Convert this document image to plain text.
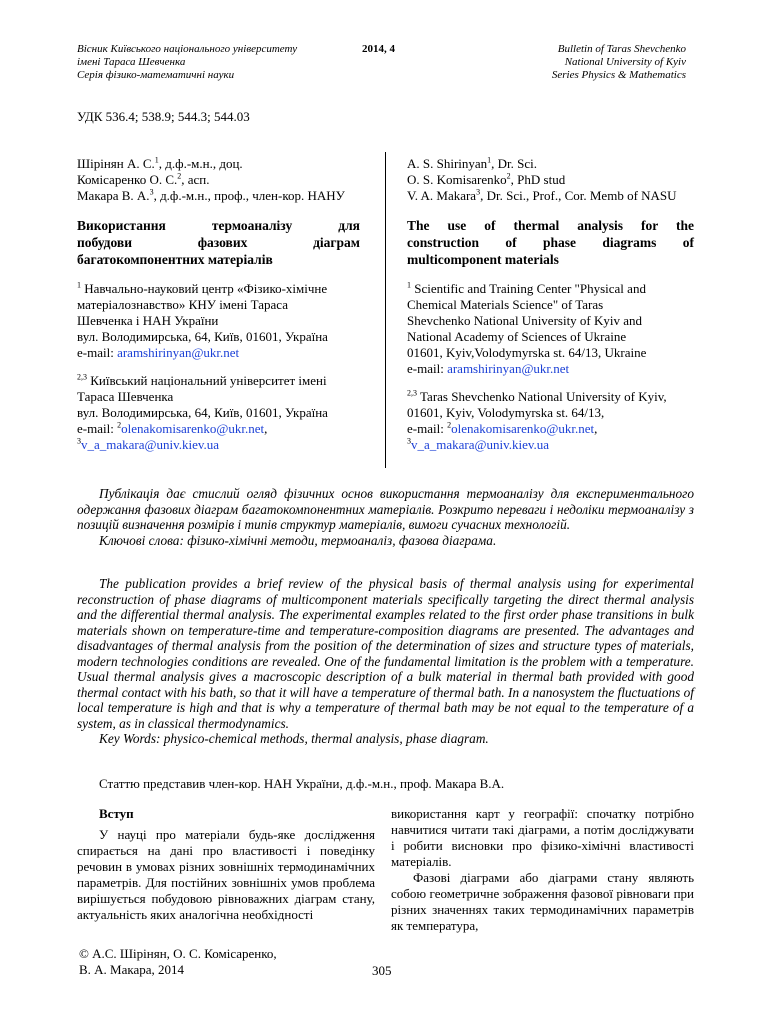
Вісник Київського національного університету
імені Тараса Шевченка
Серія фізико-математичні науки
2014, 4	Bulletin of Taras Shevchenko
National University of Kyiv
Series Physics & Mathematics
УДК 536.4; 538.9; 544.3; 544.03
Шірінян А. С.$^1$, д.ф.-м.н., доц.
Комісаренко О. С.$^2$, асп.
Макара В. А.$^3$, д.ф.-м.н., проф., член-кор. НАНУ
A. S. Shirinyan$^1$, Dr. Sci.
O. S. Komisarenko$^2$, PhD stud
V. A. Makara$^3$, Dr. Sci., Prof., Cor. Memb of NASU
Використання термоаналізу для
побудови фазових діаграм
багатокомпонентних матеріалів
The use of thermal analysis for the
construction of phase diagrams of
multicomponent materials
$^1$ Навчально-науковий центр «Фізико-хімічне
матеріалознавство» КНУ імені Тараса
Шевченка і НАН України
вул. Володимирська, 64, Київ, 01601, Україна
e-mail: aramshirinyan@ukr.net
$^{2,3}$ Київський національний університет імені
Тараса Шевченка
вул. Володимирська, 64, Київ, 01601, Україна
e-mail: $^2$olenakomisarenko@ukr.net,
$^3$v_a_makara@univ.kiev.ua
$^1$ Scientific and Training Center "Physical and
Chemical Materials Science" of Taras
Shevchenko National University of Kyiv and
National Academy of Sciences of Ukraine
01601, Kyiv,Volodymyrska st. 64/13, Ukraine
e-mail: aramshirinyan@ukr.net
$^{2,3}$ Taras Shevchenko National University of Kyiv,
01601, Kyiv, Volodymyrska st. 64/13,
e-mail: $^2$olenakomisarenko@ukr.net,
$^3$v_a_makara@univ.kiev.ua

Публікація дає стислий огляд фізичних основ використання термоаналізу для експериментального одержання фазових діаграм багатокомпонентних матеріалів. Розкрито переваги і недоліки термоаналізу з позицій визначення розмірів і типів структур матеріалів, вимоги сучасних технологій.

Ключові слова: фізико-хімічні методи, термоаналіз, фазова діаграма.

The publication provides a brief review of the physical basis of thermal analysis using for experimental reconstruction of phase diagrams of multicomponent materials specifically targeting the direct thermal analysis and the differential thermal analysis. The experimental examples related to the first order phase transitions in bulk materials shown on temperature-time and temperature-composition diagrams are presented. The advantages and disadvantages of thermal analysis from the position of the determination of sizes and structure types of materials, modern technologies conditions are revealed. One of the fundamental limitation is the problem with a temperature. Usual thermal analysis gives a macroscopic description of a bulk material in thermal bath provided with good thermal contact with his bath, so that it will have a temperature of thermal bath. In a nanosystem the fluctuations of local temperature is high and that is why a temperature of thermal bath may be not equal to the temperature of a system, as in classical thermodynamics.

Key Words: physico-chemical methods, thermal analysis, phase diagram.

Статтю представив член-кор. НАН України, д.ф.-м.н., проф. Макара В.А.
Вступ
У науці про матеріали будь-яке дослідження спирається на дані про властивості і поведінку речовин в умовах різних зовнішніх термодинамічних параметрів. Для постійних зовнішніх умов проблема вирішується побудовою рівноважних діаграм стану, актуальність яких аналогічна необхідності

використання карт у географії: спочатку потрібно навчитися читати такі діаграми, а потім досліджувати і робити висновки про фізико-хімічні властивості матеріалів.

Фазові діаграми або діаграми стану являють собою геометричне зображення фазової рівноваги при різних значеннях таких термодинамічних параметрів як температура,

© А.С. Шірінян, О. С. Комісаренко,
В. А. Макара, 2014	305
